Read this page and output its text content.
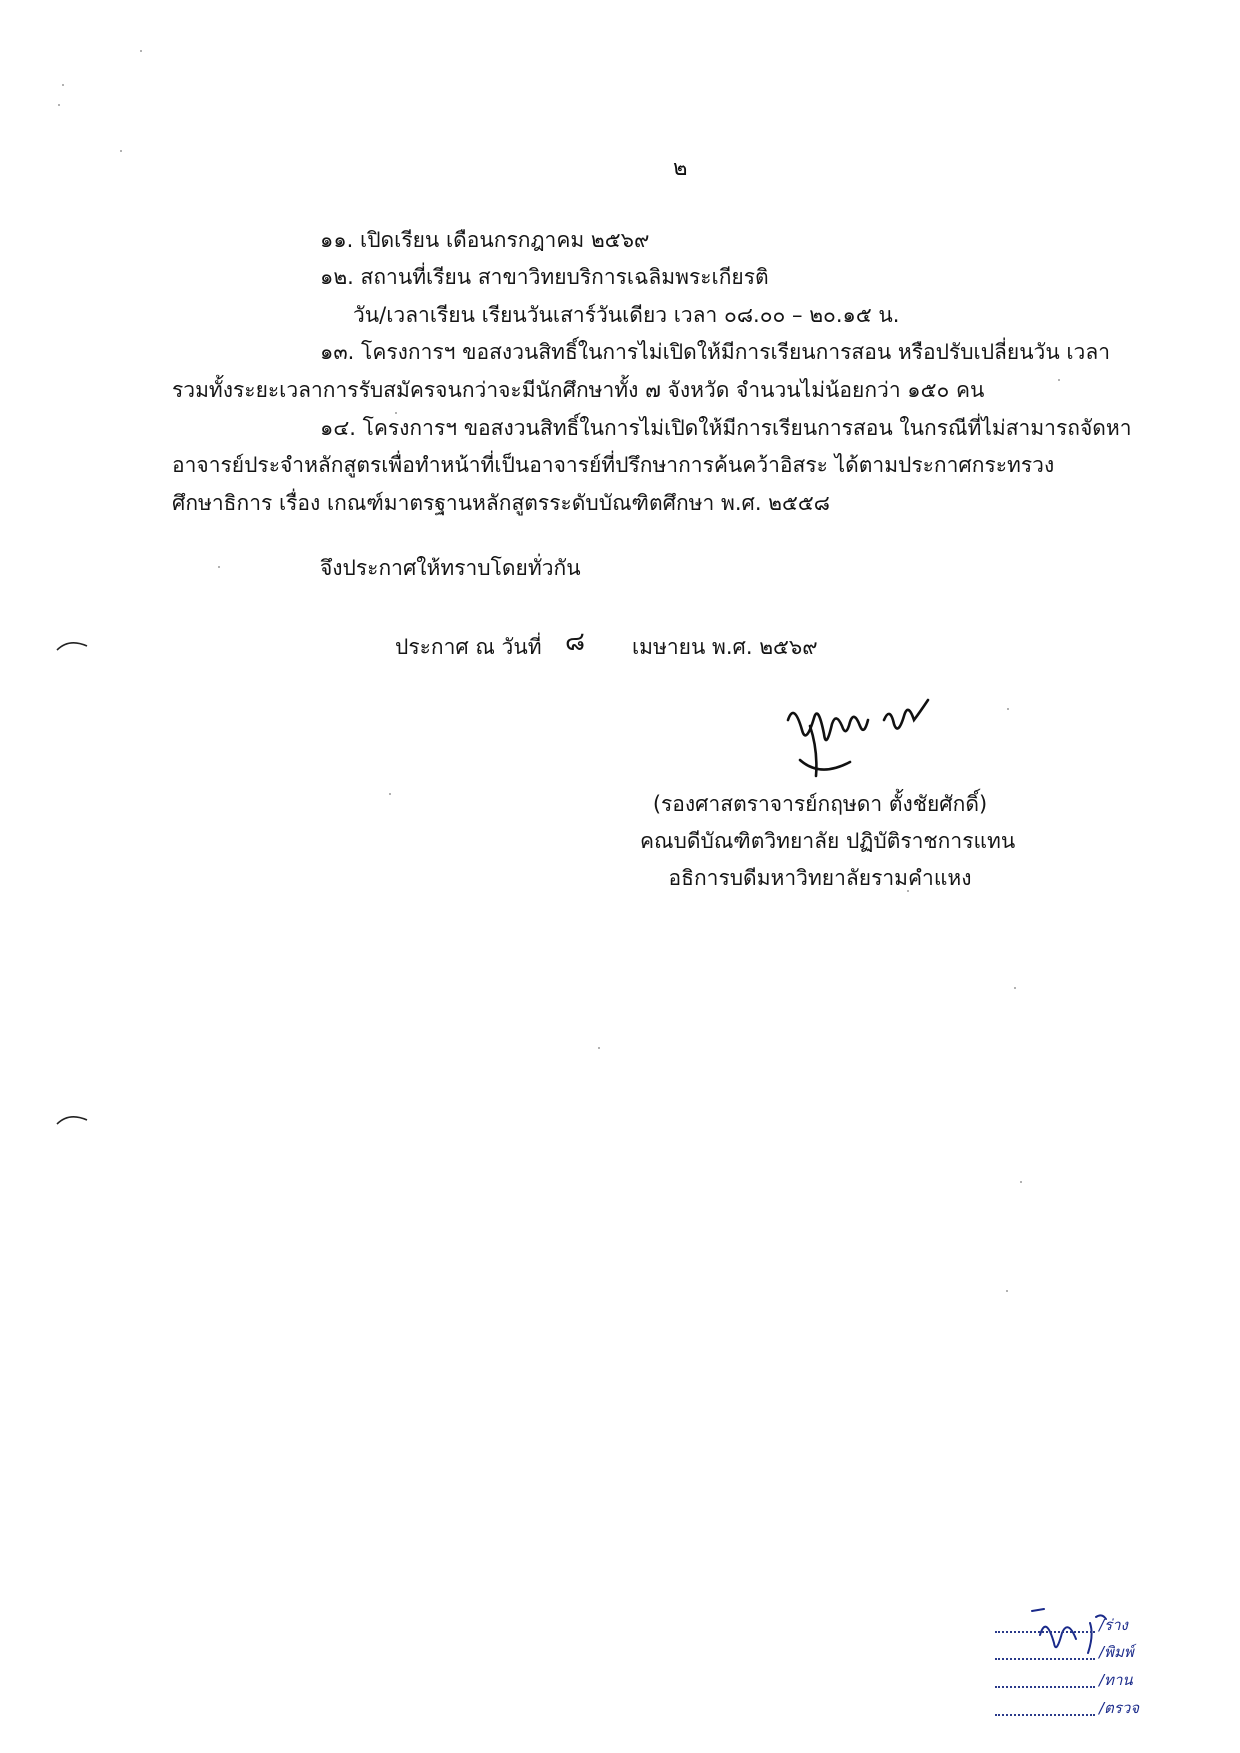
๒
๑๑. เปิดเรียน เดือนกรกฎาคม ๒๕๖๙
๑๒. สถานที่เรียน สาขาวิทยบริการเฉลิมพระเกียรติ
วัน/เวลาเรียน เรียนวันเสาร์วันเดียว เวลา ๐๘.๐๐ – ๒๐.๑๕ น.
๑๓. โครงการฯ ขอสงวนสิทธิ์ในการไม่เปิดให้มีการเรียนการสอน หรือปรับเปลี่ยนวัน เวลา
รวมทั้งระยะเวลาการรับสมัครจนกว่าจะมีนักศึกษาทั้ง ๗ จังหวัด จำนวนไม่น้อยกว่า ๑๕๐ คน
๑๔. โครงการฯ ขอสงวนสิทธิ์ในการไม่เปิดให้มีการเรียนการสอน ในกรณีที่ไม่สามารถจัดหา
อาจารย์ประจำหลักสูตรเพื่อทำหน้าที่เป็นอาจารย์ที่ปรึกษาการค้นคว้าอิสระ ได้ตามประกาศกระทรวง
ศึกษาธิการ เรื่อง เกณฑ์มาตรฐานหลักสูตรระดับบัณฑิตศึกษา พ.ศ. ๒๕๕๘
จึงประกาศให้ทราบโดยทั่วกัน
ประกาศ ณ วันที่ ๘ เมษายน พ.ศ. ๒๕๖๙
(รองศาสตราจารย์กฤษดา ตั้งชัยศักดิ์)
คณบดีบัณฑิตวิทยาลัย ปฏิบัติราชการแทน
อธิการบดีมหาวิทยาลัยรามคำแหง
/ร่าง
/พิมพ์
/ทาน
/ตรวจ
